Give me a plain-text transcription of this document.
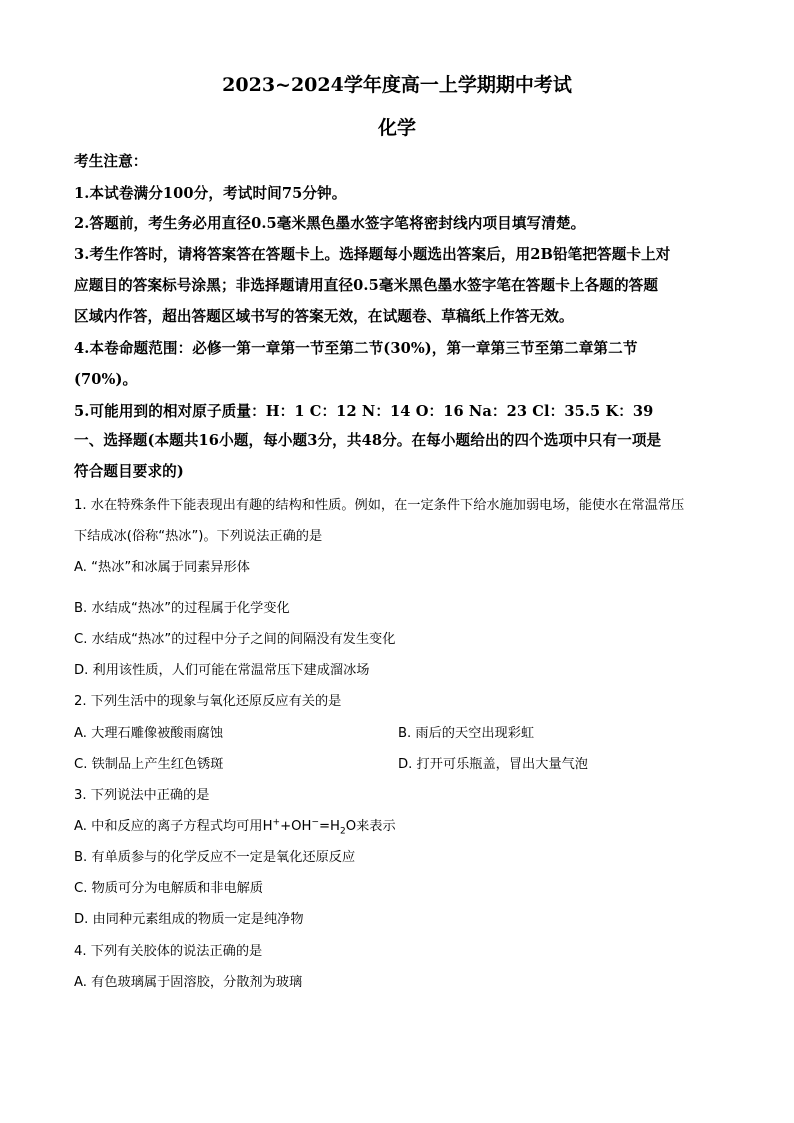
2023~2024学年度高一上学期期中考试
化学
考生注意：
1.本试卷满分100分，考试时间75分钟。
2.答题前，考生务必用直径0.5毫米黑色墨水签字笔将密封线内项目填写清楚。
3.考生作答时，请将答案答在答题卡上。选择题每小题选出答案后，用2B铅笔把答题卡上对
应题目的答案标号涂黑；非选择题请用直径0.5毫米黑色墨水签字笔在答题卡上各题的答题
区域内作答，超出答题区域书写的答案无效，在试题卷、草稿纸上作答无效。
4.本卷命题范围：必修一第一章第一节至第二节(30%)，第一章第三节至第二章第二节
(70%)。
5.可能用到的相对原子质量：H：1 C：12 N：14 O：16 Na：23 Cl：35.5 K：39
一、选择题(本题共16小题，每小题3分，共48分。在每小题给出的四个选项中只有一项是
符合题目要求的)
1. 水在特殊条件下能表现出有趣的结构和性质。例如，在一定条件下给水施加弱电场，能使水在常温常压
下结成冰(俗称“热冰”)。下列说法正确的是
A. “热冰”和冰属于同素异形体
B. 水结成“热冰”的过程属于化学变化
C. 水结成“热冰”的过程中分子之间的间隔没有发生变化
D. 利用该性质，人们可能在常温常压下建成溜冰场
2. 下列生活中的现象与氧化还原反应有关的是
A. 大理石雕像被酸雨腐蚀	B. 雨后的天空出现彩虹
C. 铁制品上产生红色锈斑	D. 打开可乐瓶盖，冒出大量气泡
3. 下列说法中正确的是
A. 中和反应的离子方程式均可用$H^++OH^-=H_2O$来表示
B. 有单质参与的化学反应不一定是氧化还原反应
C. 物质可分为电解质和非电解质
D. 由同种元素组成的物质一定是纯净物
4. 下列有关胶体的说法正确的是
A. 有色玻璃属于固溶胶，分散剂为玻璃
